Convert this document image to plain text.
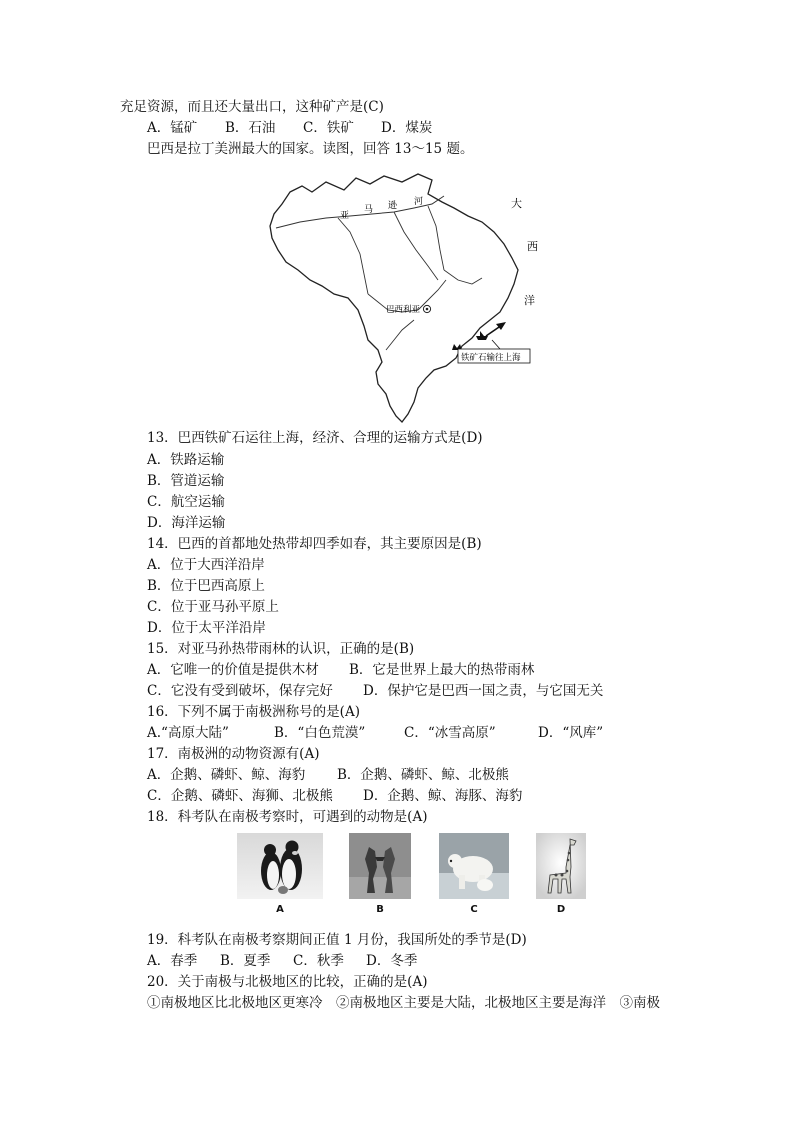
充足资源，而且还大量出口，这种矿产是(C)
A．锰矿 B．石油 C．铁矿 D．煤炭
巴西是拉丁美洲最大的国家。读图，回答 13～15 题。
亚
马 逊 河	大
西
洋
巴西利亚
铁矿石输往上海
13．巴西铁矿石运往上海，经济、合理的运输方式是(D)
A．铁路运输
B．管道运输
C．航空运输
D．海洋运输
14．巴西的首都地处热带却四季如春，其主要原因是(B)
A．位于大西洋沿岸
B．位于巴西高原上
C．位于亚马孙平原上
D．位于太平洋沿岸
15．对亚马孙热带雨林的认识，正确的是(B)
A．它唯一的价值是提供木材 B．它是世界上最大的热带雨林
C．它没有受到破坏，保存完好 D．保护它是巴西一国之责，与它国无关
16．下列不属于南极洲称号的是(A)
A.“高原大陆”	B．“白色荒漠”	C．“冰雪高原”	D．“风库”
17．南极洲的动物资源有(A)
A．企鹅、磷虾、鲸、海豹 B．企鹅、磷虾、鲸、北极熊
C．企鹅、磷虾、海狮、北极熊 D．企鹅、鲸、海豚、海豹
18．科考队在南极考察时，可遇到的动物是(A)
A	B	C	D
19．科考队在南极考察期间正值 1 月份，我国所处的季节是(D)
A．春季 B．夏季 C．秋季 D．冬季
20．关于南极与北极地区的比较，正确的是(A)
①南极地区比北极地区更寒冷　②南极地区主要是大陆，北极地区主要是海洋　③南极
